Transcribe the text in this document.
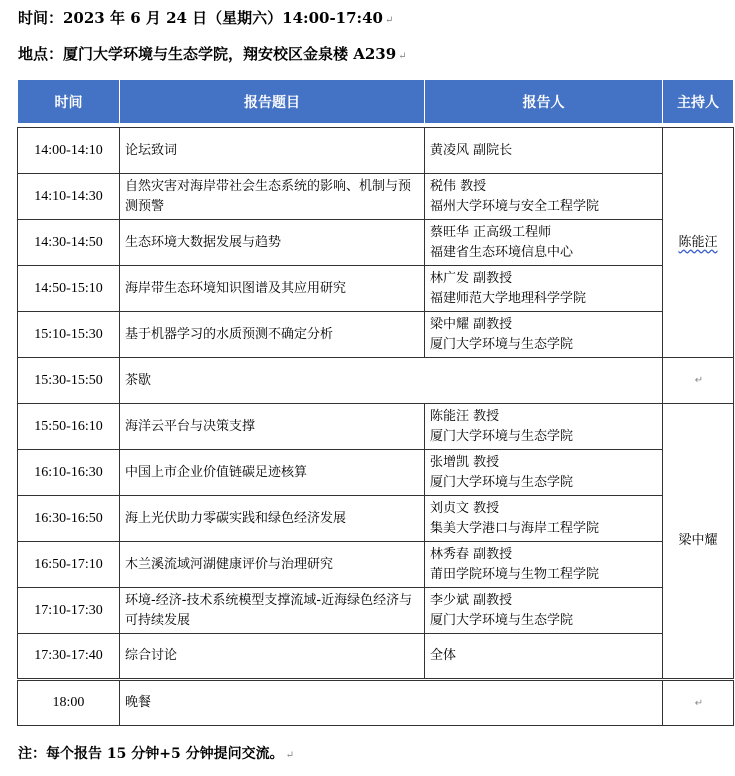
时间：2023 年 6 月 24 日（星期六）14:00-17:40 ↵
地点：厦门大学环境与生态学院，翔安校区金泉楼 A239 ↵
时间	报告题目	报告人	主持人

14:00-14:10	论坛致词	黄凌风 副院长	陈能汪
14:10-14:30	自然灾害对海岸带社会生态系统的影响、机制与预测预警	税伟 教授
福州大学环境与安全工程学院	

14:30-14:50	生态环境大数据发展与趋势	蔡旺华 正高级工程师
福建省生态环境信息中心	

14:50-15:10	海岸带生态环境知识图谱及其应用研究	林广发 副教授
福建师范大学地理科学学院	

15:10-15:30	基于机器学习的水质预测不确定分析	梁中耀 副教授
厦门大学环境与生态学院	

15:30-15:50	茶歇		↵
15:50-16:10	海洋云平台与决策支撑	陈能汪 教授
厦门大学环境与生态学院	梁中耀
16:10-16:30	中国上市企业价值链碳足迹核算	张增凯 教授
厦门大学环境与生态学院	

16:30-16:50	海上光伏助力零碳实践和绿色经济发展	刘贞文 教授
集美大学港口与海岸工程学院	

16:50-17:10	木兰溪流域河湖健康评价与治理研究	林秀春 副教授
莆田学院环境与生物工程学院	

17:10-17:30	环境-经济-技术系统模型支撑流域-近海绿色经济与可持续发展	李少斌 副教授
厦门大学环境与生态学院	

17:30-17:40	综合讨论	全体	

18:00	晚餐		↵
注：每个报告 15 分钟+5 分钟提问交流。 ↵
